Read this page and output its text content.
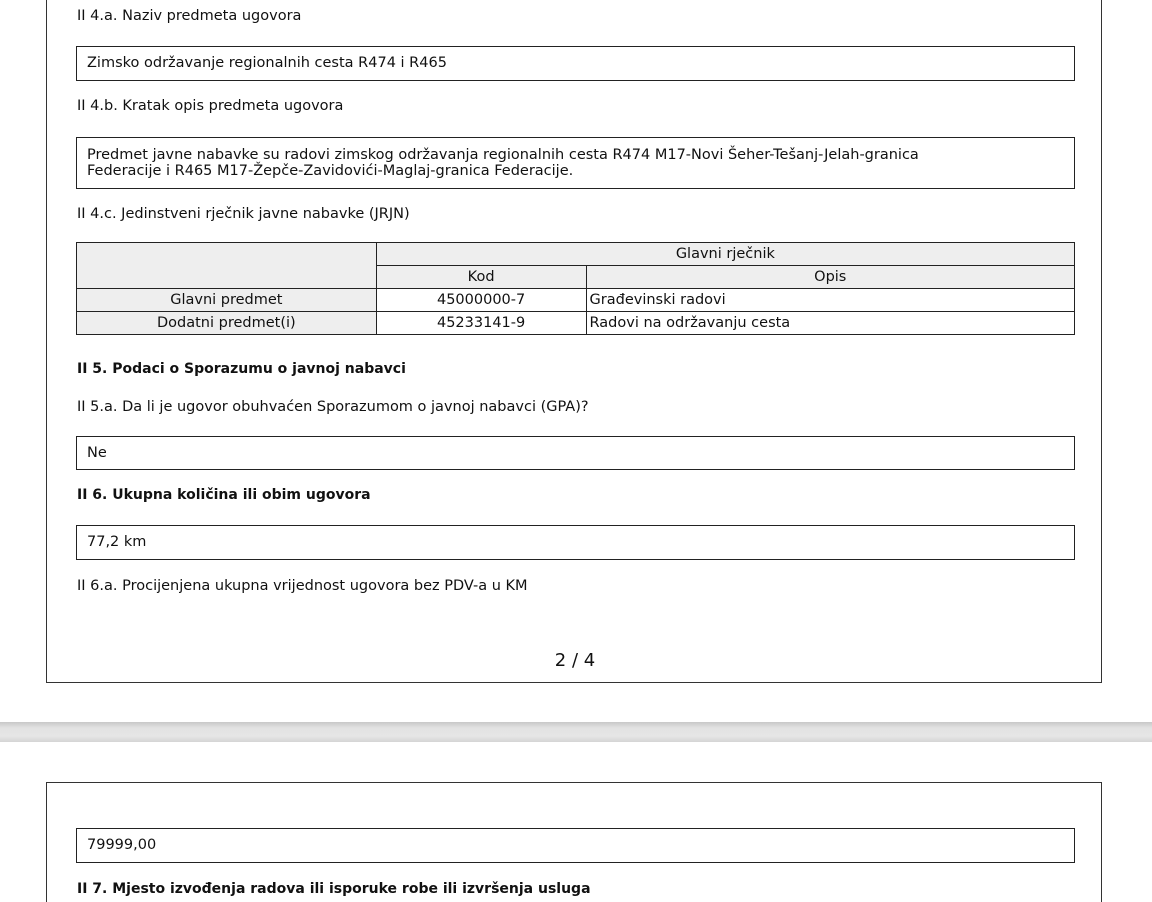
II 4.a. Naziv predmeta ugovora
Zimsko održavanje regionalnih cesta R474 i R465
II 4.b. Kratak opis predmeta ugovora
Predmet javne nabavke su radovi zimskog održavanja regionalnih cesta R474 M17-Novi Šeher-Tešanj-Jelah-granica
Federacije i R465 M17-Žepče-Zavidovići-Maglaj-granica Federacije.
II 4.c. Jedinstveni rječnik javne nabavke (JRJN)
	Glavni rječnik	
	Kod	Opis
Glavni predmet	45000000-7	Građevinski radovi
Dodatni predmet(i)	45233141-9	Radovi na održavanju cesta
II 5. Podaci o Sporazumu o javnoj nabavci
II 5.a. Da li je ugovor obuhvaćen Sporazumom o javnoj nabavci (GPA)?
Ne
II 6. Ukupna količina ili obim ugovora
77,2 km
II 6.a. Procijenjena ukupna vrijednost ugovora bez PDV-a u KM
2 / 4
79999,00
II 7. Mjesto izvođenja radova ili isporuke robe ili izvršenja usluga
